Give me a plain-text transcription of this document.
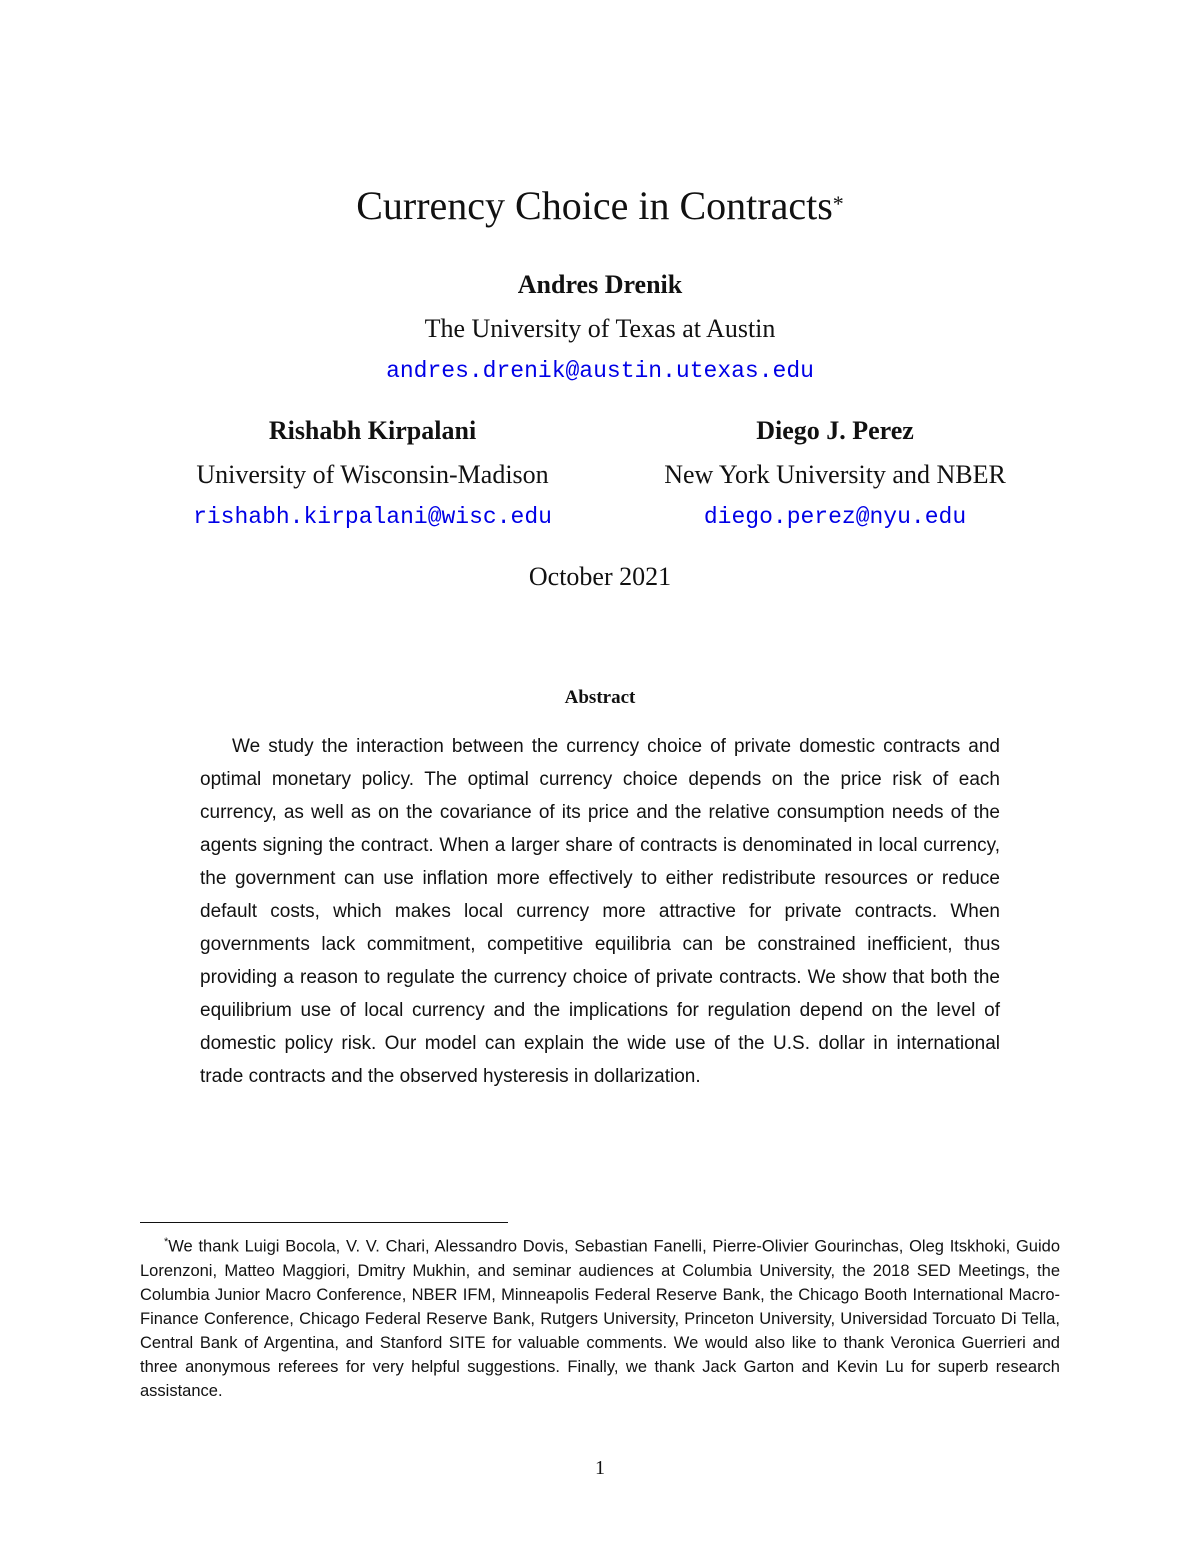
Currency Choice in Contracts*
Andres Drenik
The University of Texas at Austin
andres.drenik@austin.utexas.edu
Rishabh Kirpalani
University of Wisconsin-Madison
rishabh.kirpalani@wisc.edu
Diego J. Perez
New York University and NBER
diego.perez@nyu.edu
October 2021
Abstract
We study the interaction between the currency choice of private domestic contracts and optimal monetary policy. The optimal currency choice depends on the price risk of each currency, as well as on the covariance of its price and the relative consumption needs of the agents signing the contract. When a larger share of contracts is denominated in local currency, the government can use inflation more effectively to either redistribute resources or reduce default costs, which makes local currency more attractive for private contracts. When governments lack commitment, competitive equilibria can be constrained inefficient, thus providing a reason to regulate the currency choice of private contracts. We show that both the equilibrium use of local currency and the implications for regulation depend on the level of domestic policy risk. Our model can explain the wide use of the U.S. dollar in international trade contracts and the observed hysteresis in dollarization.
*We thank Luigi Bocola, V. V. Chari, Alessandro Dovis, Sebastian Fanelli, Pierre-Olivier Gourinchas, Oleg Itskhoki, Guido Lorenzoni, Matteo Maggiori, Dmitry Mukhin, and seminar audiences at Columbia University, the 2018 SED Meetings, the Columbia Junior Macro Conference, NBER IFM, Minneapolis Federal Reserve Bank, the Chicago Booth International Macro-Finance Conference, Chicago Federal Reserve Bank, Rutgers University, Princeton University, Universidad Torcuato Di Tella, Central Bank of Argentina, and Stanford SITE for valuable comments. We would also like to thank Veronica Guerrieri and three anonymous referees for very helpful suggestions. Finally, we thank Jack Garton and Kevin Lu for superb research assistance.
1
